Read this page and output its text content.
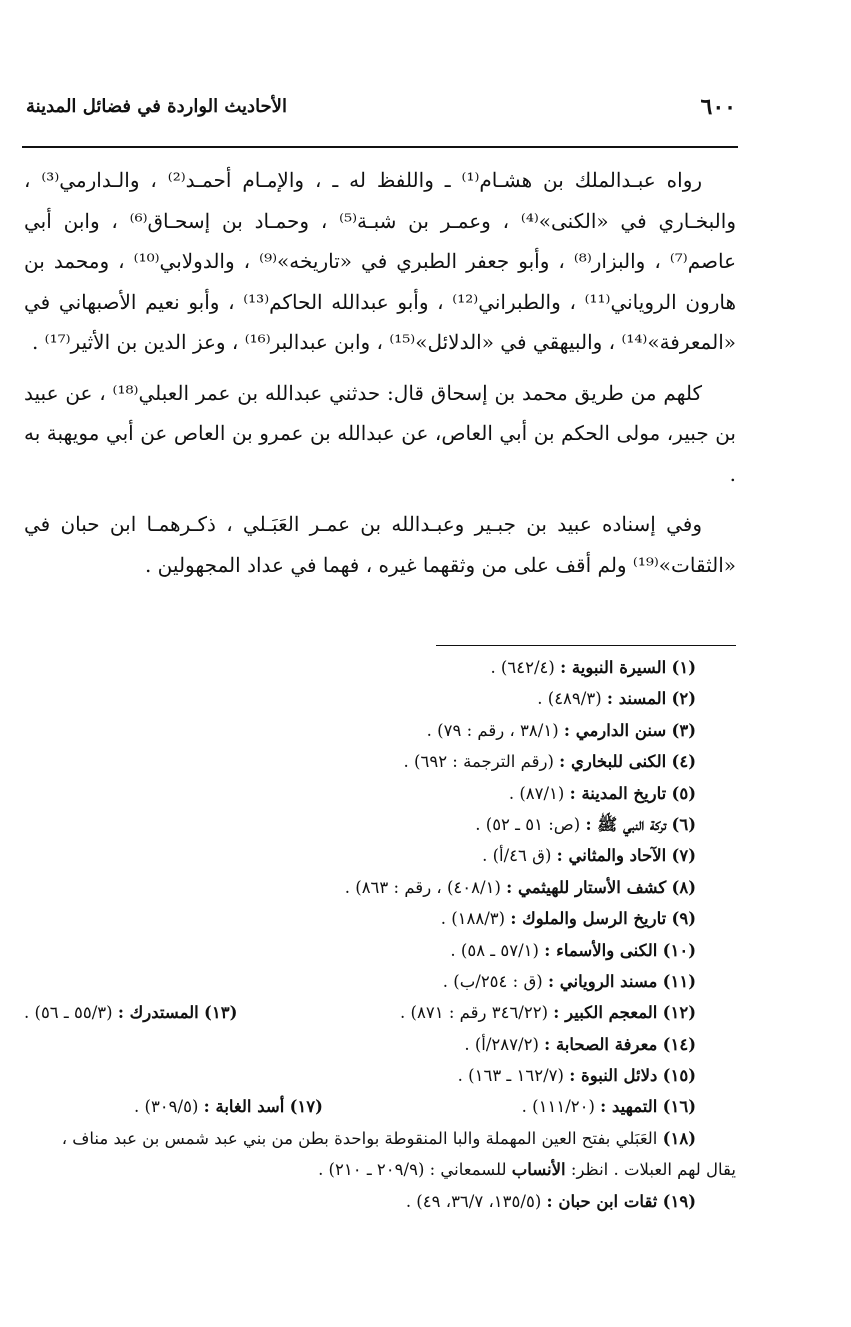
٦٠٠
الأحاديث الواردة في فضائل المدينة

رواه عبـدالملك بن هشـام⁽¹⁾ ـ واللفظ له ـ ، والإمـام أحمـد⁽²⁾ ، والـدارمي⁽³⁾ ، والبخـاري في «الكنى»⁽⁴⁾ ، وعمـر بن شبـة⁽⁵⁾ ، وحمـاد بن إسحـاق⁽⁶⁾ ، وابن أبي عاصم⁽⁷⁾ ، والبزار⁽⁸⁾ ، وأبو جعفر الطبري في «تاريخه»⁽⁹⁾ ، والدولابي⁽¹⁰⁾ ، ومحمد بن هارون الروياني⁽¹¹⁾ ، والطبراني⁽¹²⁾ ، وأبو عبدالله الحاكم⁽¹³⁾ ، وأبو نعيم الأصبهاني في «المعرفة»⁽¹⁴⁾ ، والبيهقي في «الدلائل»⁽¹⁵⁾ ، وابن عبدالبر⁽¹⁶⁾ ، وعز الدين بن الأثير⁽¹⁷⁾ .

كلهم من طريق محمد بن إسحاق قال: حدثني عبدالله بن عمر العبلي⁽¹⁸⁾ ، عن عبيد بن جبير، مولى الحكم بن أبي العاص، عن عبدالله بن عمرو بن العاص عن أبي مويهبة به .

وفي إسناده عبيد بن جبـير وعبـدالله بن عمـر العَبَـلي ، ذكـرهمـا ابن حبان في «الثقات»⁽¹⁹⁾ ولم أقف على من وثقهما غيره ، فهما في عداد المجهولين .

(١) السيرة النبوية : (٦٤٢/٤) .
(٢) المسند : (٤٨٩/٣) .
(٣) سنن الدارمي : (٣٨/١ ، رقم : ٧٩) .
(٤) الكنى للبخاري : (رقم الترجمة : ٦٩٢) .
(٥) تاريخ المدينة : (٨٧/١) .
(٦) تركة النبي ﷺ : (ص: ٥١ ـ ٥٢) .
(٧) الآحاد والمثاني : (ق ٤٦/أ) .
(٨) كشف الأستار للهيثمي : (٤٠٨/١) ، رقم : ٨٦٣) .
(٩) تاريخ الرسل والملوك : (١٨٨/٣) .
(١٠) الكنى والأسماء : (٥٧/١ ـ ٥٨) .
(١١) مسند الروياني : (ق : ٢٥٤/ب) .
(١٢) المعجم الكبير : (٣٤٦/٢٢ رقم : ٨٧١) .
(١٣) المستدرك : (٥٥/٣ ـ ٥٦) .
(١٤) معرفة الصحابة : (٢٨٧/٢/أ) .
(١٥) دلائل النبوة : (١٦٢/٧ ـ ١٦٣) .
(١٦) التمهيد : (١١١/٢٠) .
(١٧) أسد الغابة : (٣٠٩/٥) .
(١٨) العَبَلي بفتح العين المهملة والبا المنقوطة بواحدة بطن من بني عبد شمس بن عبد مناف ،
يقال لهم العبلات . انظر: الأنساب للسمعاني : (٢٠٩/٩ ـ ٢١٠) .
(١٩) ثقات ابن حبان : (١٣٥/٥، ٣٦/٧، ٤٩) .
